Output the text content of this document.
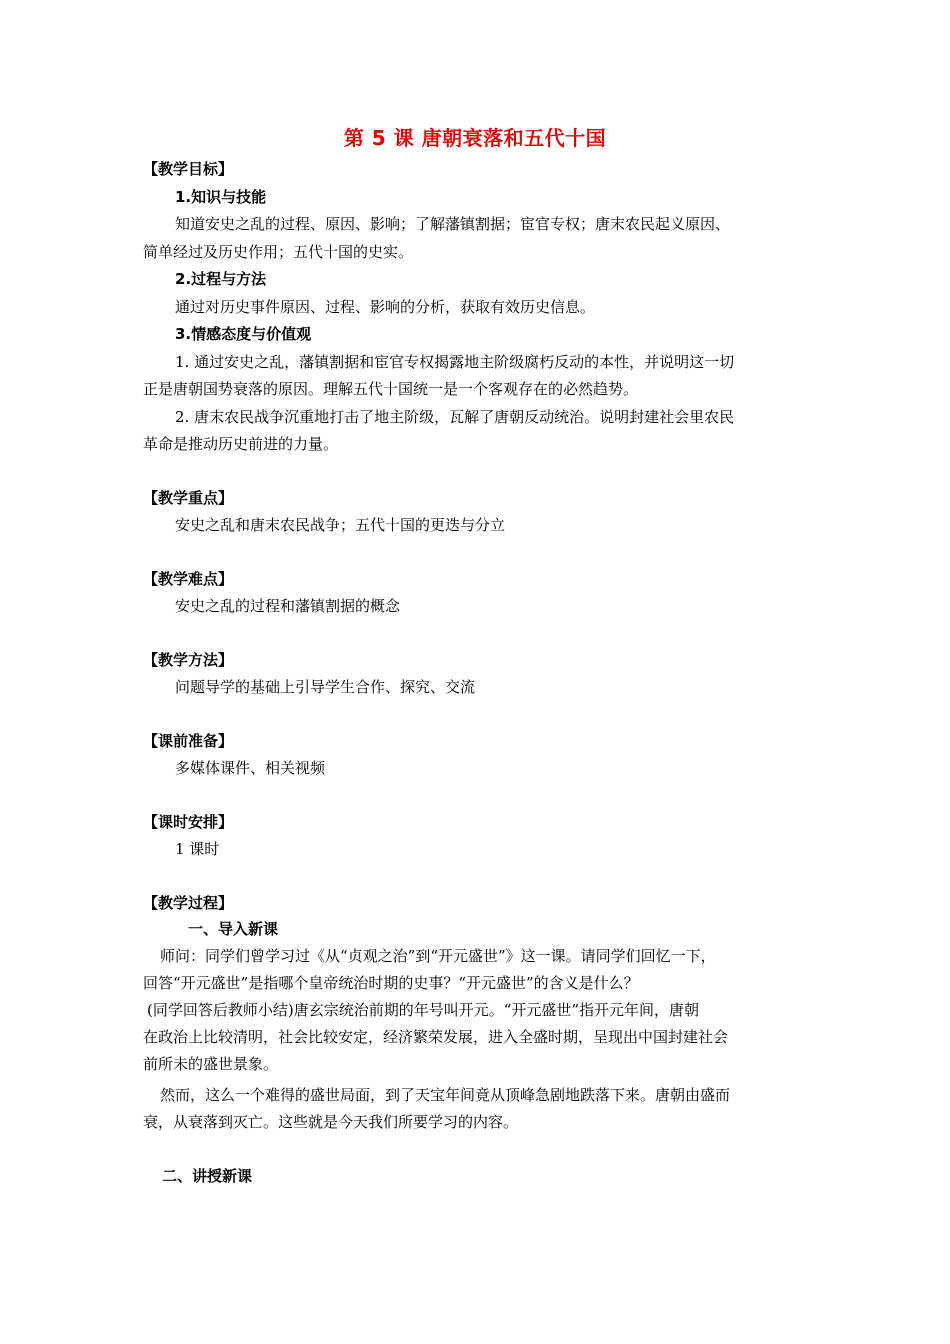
第 5 课 唐朝衰落和五代十国
【教学目标】
1.知识与技能
知道安史之乱的过程、原因、影响；了解藩镇割据；宦官专权；唐末农民起义原因、
简单经过及历史作用；五代十国的史实。
2.过程与方法
通过对历史事件原因、过程、影响的分析，获取有效历史信息。
3.情感态度与价值观
1. 通过安史之乱，藩镇割据和宦官专权揭露地主阶级腐朽反动的本性，并说明这一切
正是唐朝国势衰落的原因。理解五代十国统一是一个客观存在的必然趋势。
2. 唐末农民战争沉重地打击了地主阶级，瓦解了唐朝反动统治。说明封建社会里农民
革命是推动历史前进的力量。
【教学重点】
安史之乱和唐末农民战争；五代十国的更迭与分立
【教学难点】
安史之乱的过程和藩镇割据的概念
【教学方法】
问题导学的基础上引导学生合作、探究、交流
【课前准备】
多媒体课件、相关视频
【课时安排】
1 课时
【教学过程】
一、导入新课
师问：同学们曾学习过《从“贞观之治”到“开元盛世”》这一课。请同学们回忆一下，
回答“开元盛世”是指哪个皇帝统治时期的史事？“开元盛世”的含义是什么？
(同学回答后教师小结)唐玄宗统治前期的年号叫开元。“开元盛世”指开元年间，唐朝
在政治上比较清明，社会比较安定，经济繁荣发展，进入全盛时期，呈现出中国封建社会
前所未的盛世景象。
然而，这么一个难得的盛世局面，到了天宝年间竟从顶峰急剧地跌落下来。唐朝由盛而
衰，从衰落到灭亡。这些就是今天我们所要学习的内容。
二、讲授新课
